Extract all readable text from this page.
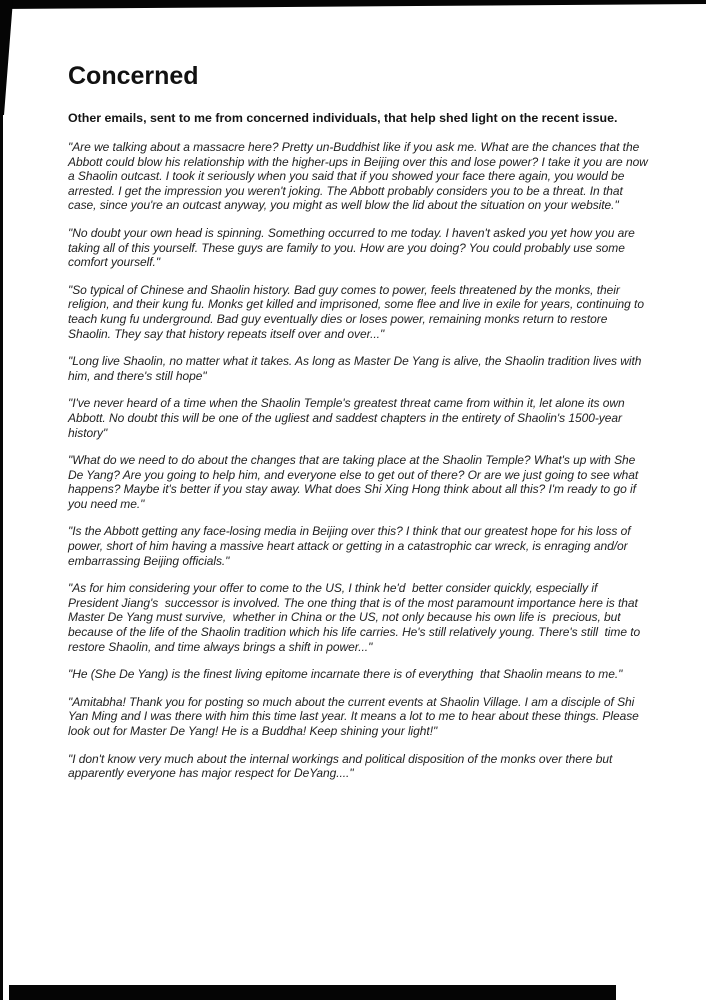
Concerned

Other emails, sent to me from concerned individuals, that help shed light on the recent issue.

"Are we talking about a massacre here? Pretty un-Buddhist like if you ask me. What are the chances that the Abbott could blow his relationship with the higher-ups in Beijing over this and lose power? I take it you are now a Shaolin outcast. I took it seriously when you said that if you showed your face there again, you would be arrested. I get the impression you weren't joking. The Abbott probably considers you to be a threat. In that case, since you're an outcast anyway, you might as well blow the lid about the situation on your website."

"No doubt your own head is spinning. Something occurred to me today. I haven't asked you yet how you are taking all of this yourself. These guys are family to you. How are you doing? You could probably use some comfort yourself."

"So typical of Chinese and Shaolin history. Bad guy comes to power, feels threatened by the monks, their religion, and their kung fu. Monks get killed and imprisoned, some flee and live in exile for years, continuing to teach kung fu underground. Bad guy eventually dies or loses power, remaining monks return to restore Shaolin. They say that history repeats itself over and over..."

"Long live Shaolin, no matter what it takes. As long as Master De Yang is alive, the Shaolin tradition lives with him, and there's still hope"

"I've never heard of a time when the Shaolin Temple's greatest threat came from within it, let alone its own Abbott. No doubt this will be one of the ugliest and saddest chapters in the entirety of Shaolin's 1500-year history"

"What do we need to do about the changes that are taking place at the Shaolin Temple? What's up with She De Yang? Are you going to help him, and everyone else to get out of there? Or are we just going to see what happens? Maybe it's better if you stay away. What does Shi Xing Hong think about all this? I'm ready to go if you need me."

"Is the Abbott getting any face-losing media in Beijing over this? I think that our greatest hope for his loss of power, short of him having a massive heart attack or getting in a catastrophic car wreck, is enraging and/or embarrassing Beijing officials."

"As for him considering your offer to come to the US, I think he'd  better consider quickly, especially if President Jiang's  successor is involved. The one thing that is of the most paramount importance here is that Master De Yang must survive,  whether in China or the US, not only because his own life is  precious, but because of the life of the Shaolin tradition which his life carries. He's still relatively young. There's still  time to restore Shaolin, and time always brings a shift in power..."

"He (She De Yang) is the finest living epitome incarnate there is of everything  that Shaolin means to me."

"Amitabha! Thank you for posting so much about the current events at Shaolin Village. I am a disciple of Shi Yan Ming and I was there with him this time last year. It means a lot to me to hear about these things. Please look out for Master De Yang! He is a Buddha! Keep shining your light!"

"I don't know very much about the internal workings and political disposition of the monks over there but apparently everyone has major respect for DeYang...."
